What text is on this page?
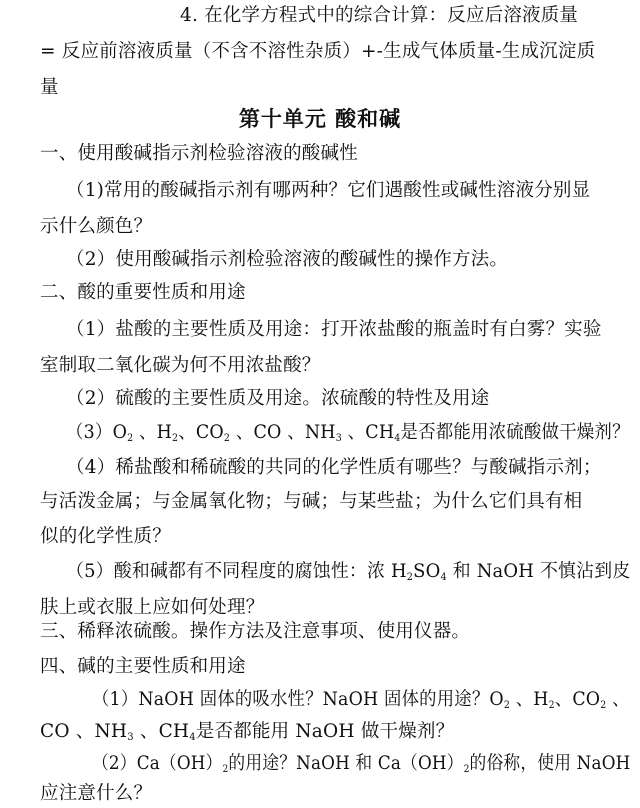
4. 在化学方程式中的综合计算：反应后溶液质量
= 反应前溶液质量（不含不溶性杂质）+-生成气体质量-生成沉淀质
量
第十单元 酸和碱
一、使用酸碱指示剂检验溶液的酸碱性
（1)常用的酸碱指示剂有哪两种？它们遇酸性或碱性溶液分别显
示什么颜色？
（2）使用酸碱指示剂检验溶液的酸碱性的操作方法。
二、酸的重要性质和用途
（1）盐酸的主要性质及用途：打开浓盐酸的瓶盖时有白雾？实验
室制取二氧化碳为何不用浓盐酸？
（2）硫酸的主要性质及用途。浓硫酸的特性及用途
$(3)O_2$ 、$H_2$、$CO_2$ 、CO 、$NH_3$ 、$CH_4$是否都能用浓硫酸做干燥剂？
（4）稀盐酸和稀硫酸的共同的化学性质有哪些？与酸碱指示剂；
与活泼金属；与金属氧化物；与碱；与某些盐；为什么它们具有相
似的化学性质？
（5）酸和碱都有不同程度的腐蚀性：浓 $H_2SO_4$ 和 NaOH 不慎沾到皮
肤上或衣服上应如何处理？
三、稀释浓硫酸。操作方法及注意事项、使用仪器。
四、碱的主要性质和用途
（1）NaOH 固体的吸水性？NaOH 固体的用途？$O_2$ 、$H_2$、$CO_2$ 、
CO 、$NH_3$ 、$CH_4$是否都能用 NaOH 做干燥剂？
$(2)Ca(OH)_2$的用途？NaOH 和 $Ca(OH)_2$的俗称，使用 NaOH
应注意什么？
